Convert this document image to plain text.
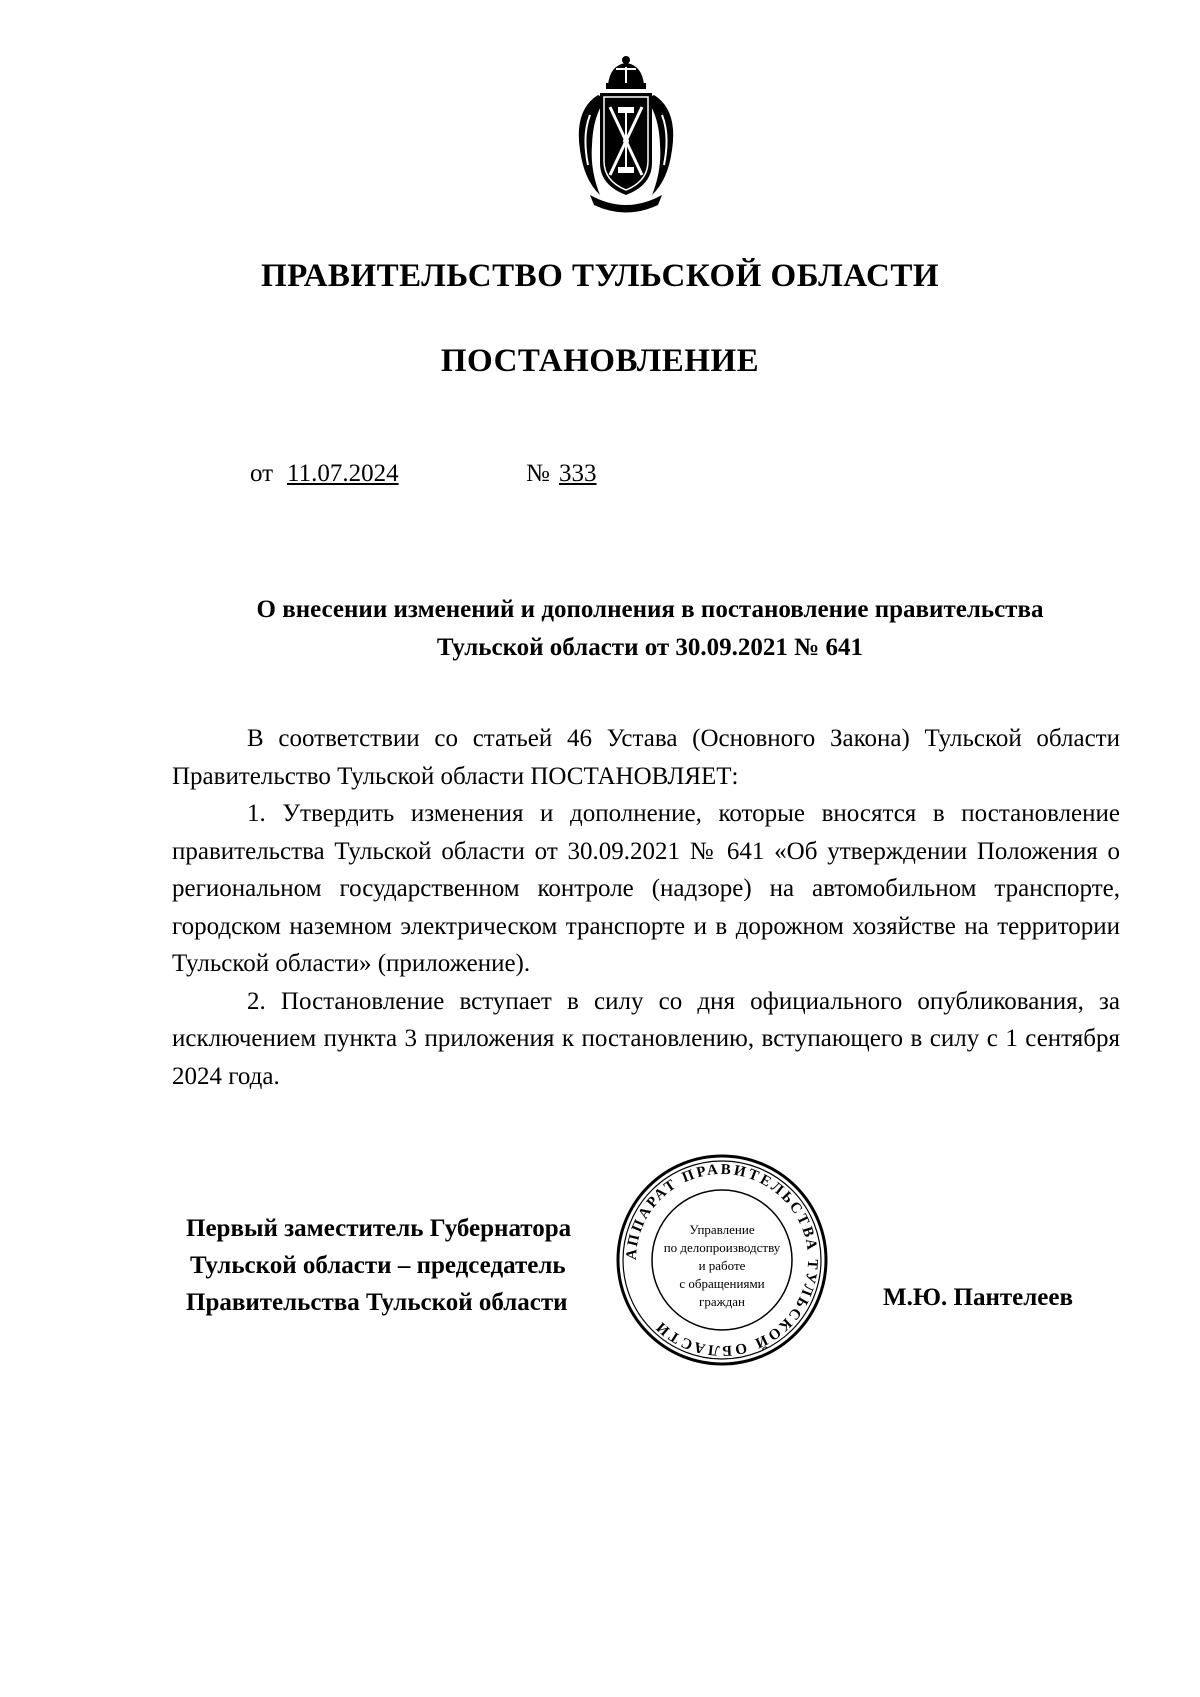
ПРАВИТЕЛЬСТВО ТУЛЬСКОЙ ОБЛАСТИ
ПОСТАНОВЛЕНИЕ
от 11.07.2024	№ 333
О внесении изменений и дополнения в постановление правительства
Тульской области от 30.09.2021 № 641

В соответствии со статьей 46 Устава (Основного Закона) Тульской области Правительство Тульской области ПОСТАНОВЛЯЕТ:

1. Утвердить изменения и дополнение, которые вносятся в постановление правительства Тульской области от 30.09.2021 № 641 «Об утверждении Положения о региональном государственном контроле (надзоре) на автомобильном транспорте, городском наземном электрическом транспорте и в дорожном хозяйстве на территории Тульской области» (приложение).

2. Постановление вступает в силу со дня официального опубликования, за исключением пункта 3 приложения к постановлению, вступающего в силу с 1 сентября 2024 года.

Первый заместитель Губернатора
Тульской области – председатель
Правительства Тульской области	М.Ю. Пантелеев
АППАРАТ ПРАВИТЕЛЬСТВА ТУЛЬСКОЙ ОБЛАСТИ
Управление
по делопроизводству
и работе
с обращениями
граждан
